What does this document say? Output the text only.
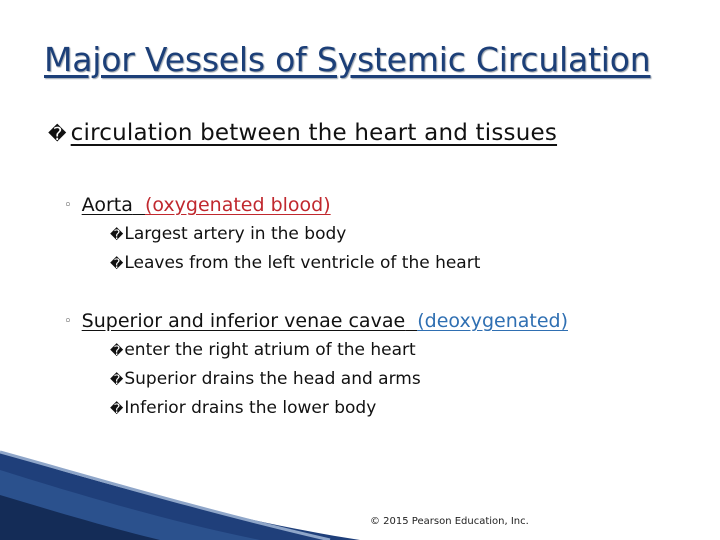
Major Vessels of Systemic Circulation
� circulation between the heart and tissues
◦ Aorta (oxygenated blood)
�Largest artery in the body
�Leaves from the left ventricle of the heart
◦ Superior and inferior venae cavae (deoxygenated)
�enter the right atrium of the heart
�Superior drains the head and arms
�Inferior drains the lower body
© 2015 Pearson Education, Inc.
